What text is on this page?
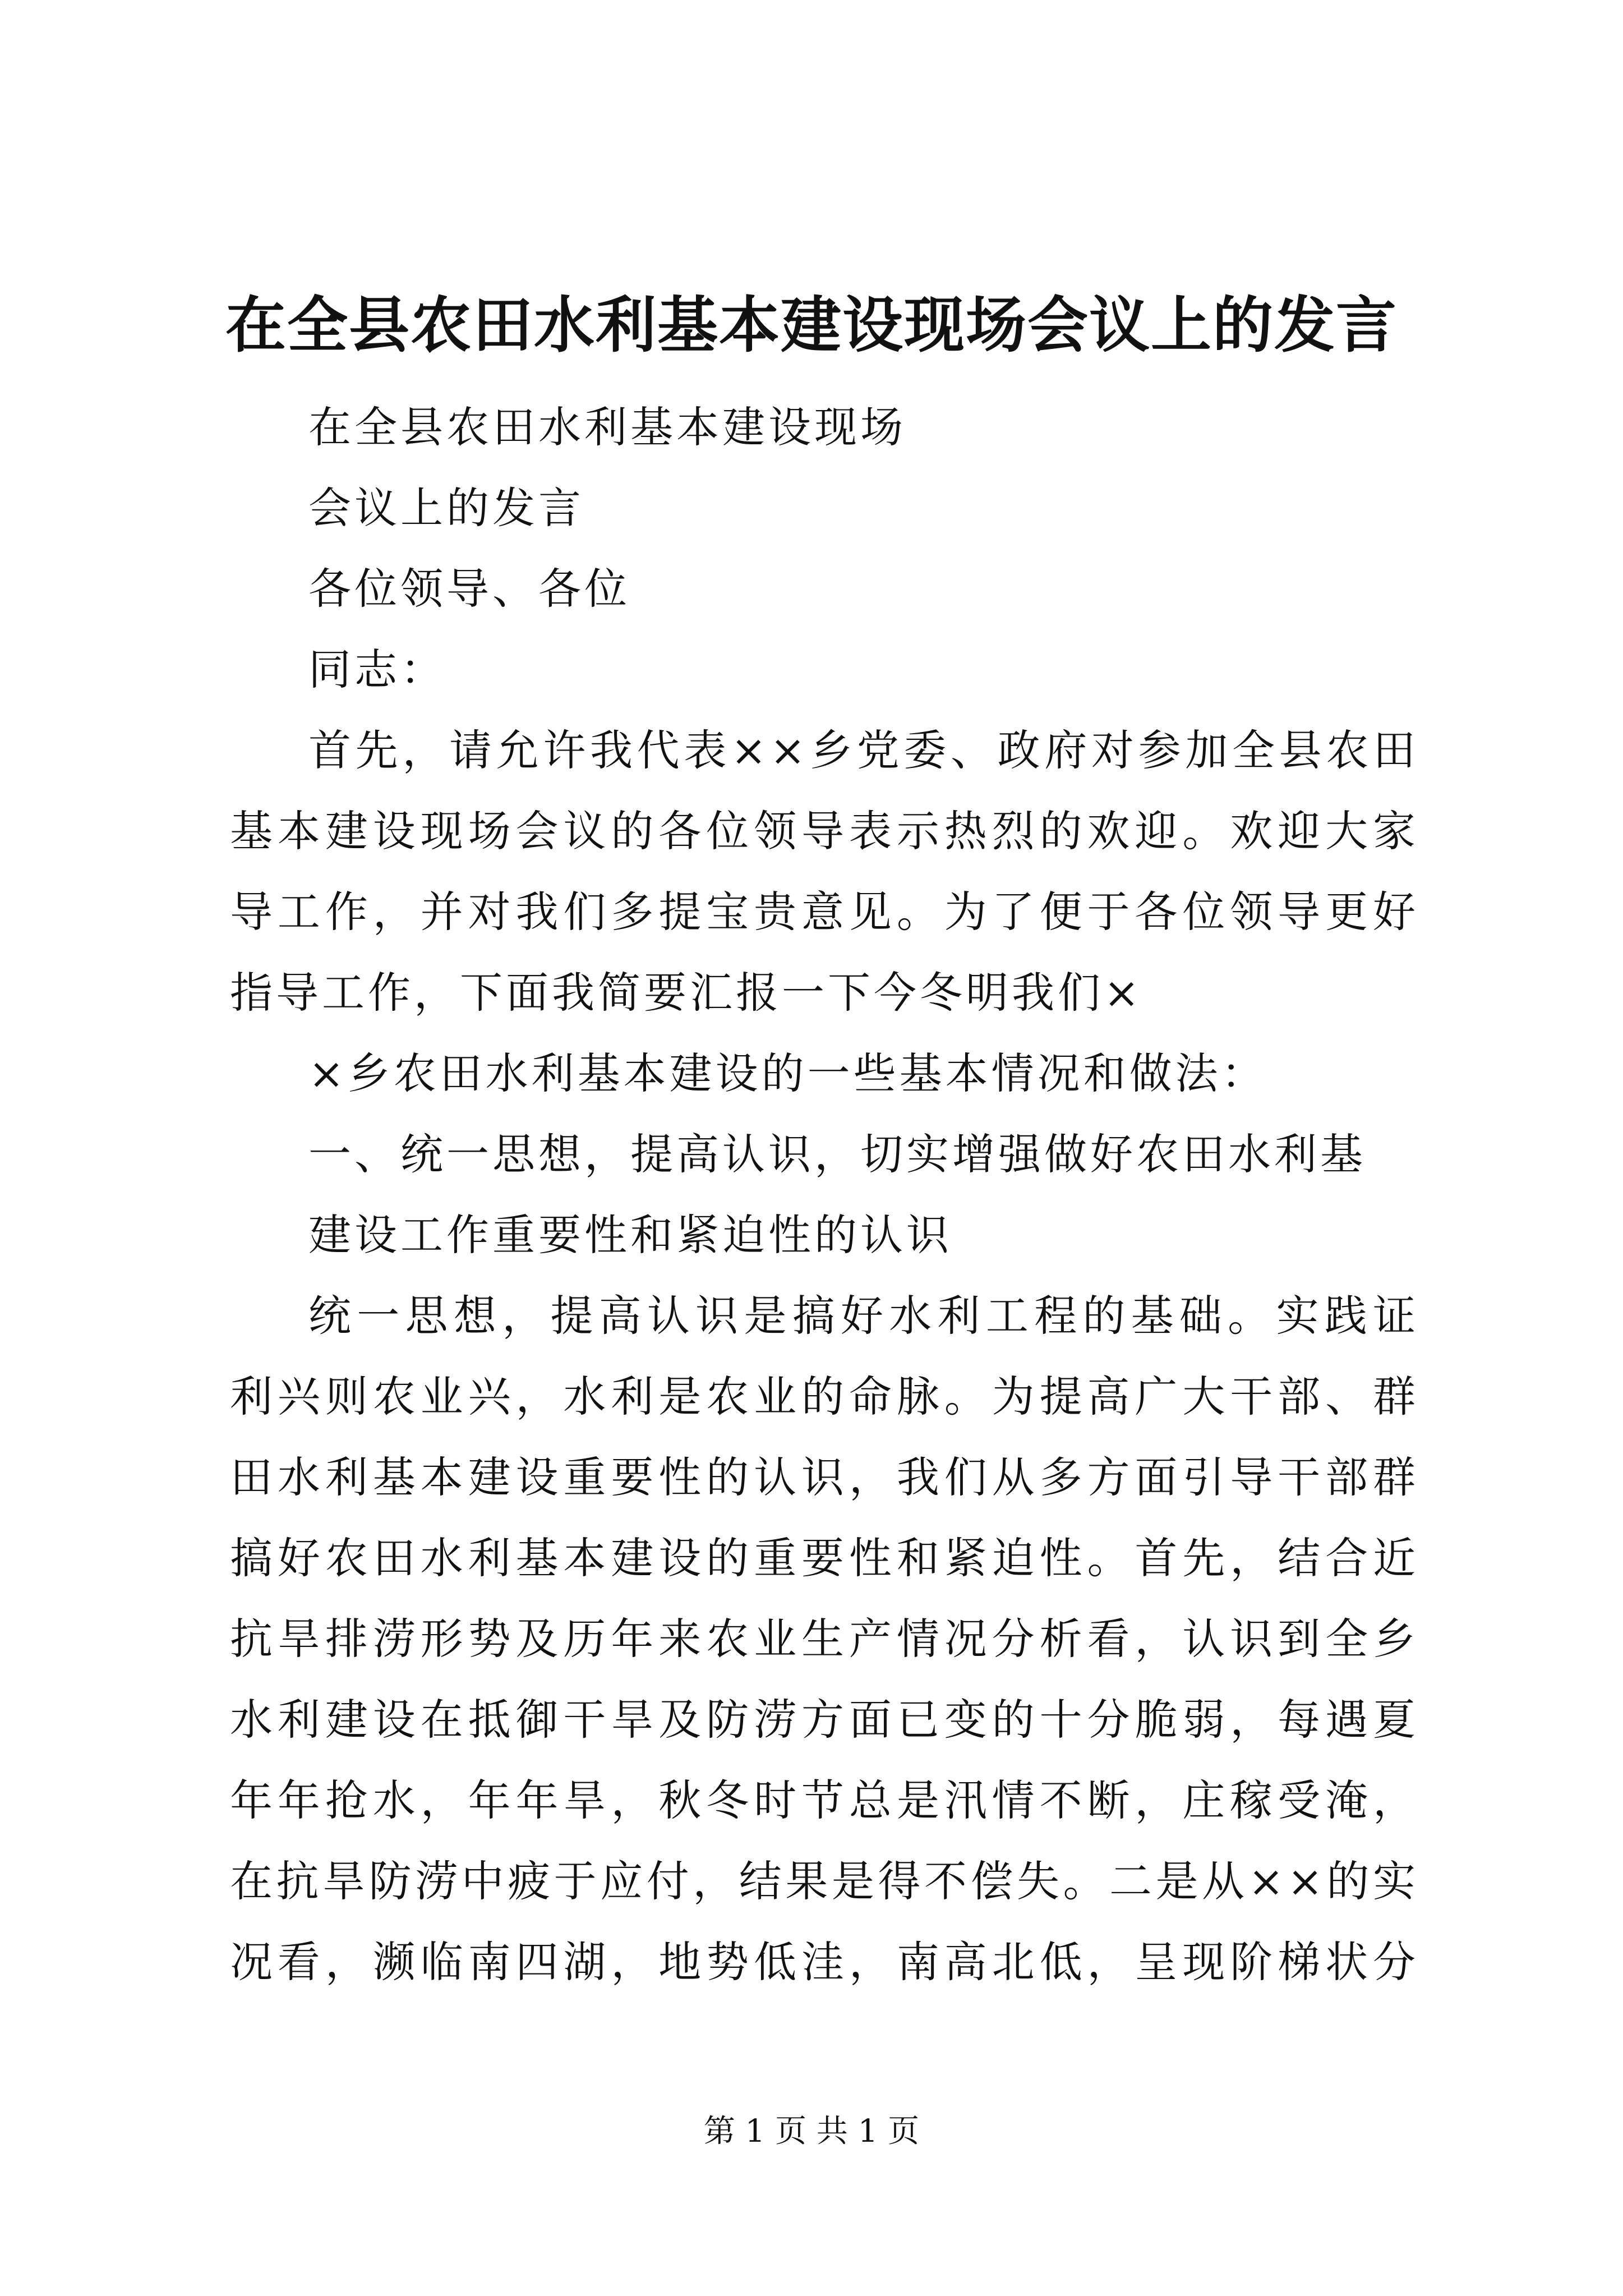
在全县农田水利基本建设现场会议上的发言
在全县农田水利基本建设现场
会议上的发言
各位领导、各位
同志：
首先，请允许我代表××乡党委、政府对参加全县农田
基本建设现场会议的各位领导表示热烈的欢迎。欢迎大家
导工作，并对我们多提宝贵意见。为了便于各位领导更好
指导工作，下面我简要汇报一下今冬明我们×
×乡农田水利基本建设的一些基本情况和做法：
一、统一思想，提高认识，切实增强做好农田水利基
建设工作重要性和紧迫性的认识
统一思想，提高认识是搞好水利工程的基础。实践证
利兴则农业兴，水利是农业的命脉。为提高广大干部、群
田水利基本建设重要性的认识，我们从多方面引导干部群
搞好农田水利基本建设的重要性和紧迫性。首先，结合近
抗旱排涝形势及历年来农业生产情况分析看，认识到全乡
水利建设在抵御干旱及防涝方面已变的十分脆弱，每遇夏
年年抢水，年年旱，秋冬时节总是汛情不断，庄稼受淹，
在抗旱防涝中疲于应付，结果是得不偿失。二是从××的实
况看，濒临南四湖，地势低洼，南高北低，呈现阶梯状分
第 1 页 共 1 页
